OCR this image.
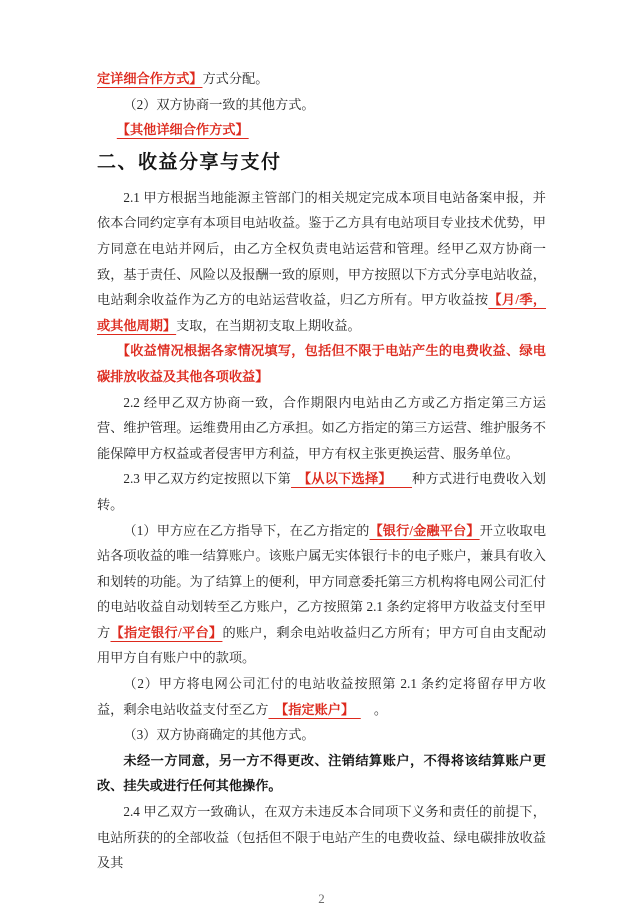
定详细合作方式】方式分配。

（2）双方协商一致的其他方式。

【其他详细合作方式】

二、收益分享与支付

2.1 甲方根据当地能源主管部门的相关规定完成本项目电站备案申报，并依本合同约定享有本项目电站收益。鉴于乙方具有电站项目专业技术优势，甲方同意在电站并网后，由乙方全权负责电站运营和管理。经甲乙双方协商一致，基于责任、风险以及报酬一致的原则，甲方按照以下方式分享电站收益，电站剩余收益作为乙方的电站运营收益，归乙方所有。甲方收益按【月/季，或其他周期】支取，在当期初支取上期收益。

【收益情况根据各家情况填写，包括但不限于电站产生的电费收益、绿电碳排放收益及其他各项收益】

2.2 经甲乙双方协商一致，合作期限内电站由乙方或乙方指定第三方运营、维护管理。运维费用由乙方承担。如乙方指定的第三方运营、维护服务不能保障甲方权益或者侵害甲方利益，甲方有权主张更换运营、服务单位。

2.3 甲乙双方约定按照以下第　【从以下选择】　　种方式进行电费收入划转。

（1）甲方应在乙方指导下，在乙方指定的【银行/金融平台】开立收取电站各项收益的唯一结算账户。该账户属无实体银行卡的电子账户，兼具有收入和划转的功能。为了结算上的便利，甲方同意委托第三方机构将电网公司汇付的电站收益自动划转至乙方账户，乙方按照第 2.1 条约定将甲方收益支付至甲方【指定银行/平台】的账户，剩余电站收益归乙方所有；甲方可自由支配动用甲方自有账户中的款项。

（2）甲方将电网公司汇付的电站收益按照第 2.1 条约定将留存甲方收益，剩余电站收益支付至乙方　【指定账户】　　。

（3）双方协商确定的其他方式。

未经一方同意，另一方不得更改、注销结算账户，不得将该结算账户更改、挂失或进行任何其他操作。

2.4 甲乙双方一致确认，在双方未违反本合同项下义务和责任的前提下，电站所获的的全部收益（包括但不限于电站产生的电费收益、绿电碳排放收益及其

2
